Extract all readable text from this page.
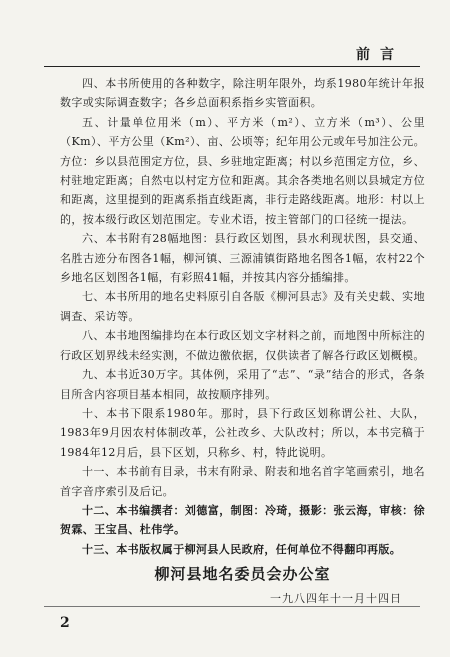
前言

四、本书所使用的各种数字，除注明年限外，均系1980年统计年报数字或实际调查数字；各乡总面积系指乡实管面积。

五、计量单位用米（m）、平方米（m²）、立方米（m³）、公里（Km）、平方公里（Km²）、亩、公顷等；纪年用公元或年号加注公元。方位：乡以县范围定方位，县、乡驻地定距离；村以乡范围定方位，乡、村驻地定距离；自然屯以村定方位和距离。其余各类地名则以县城定方位和距离，这里提到的距离系指直线距离，非行走路线距离。地形：村以上的，按本级行政区划范围定。专业术语，按主管部门的口径统一提法。

六、本书附有28幅地图：县行政区划图，县水利现状图，县交通、名胜古迹分布图各1幅，柳河镇、三源浦镇街路地名图各1幅，农村22个乡地名区划图各1幅，有彩照41幅，并按其内容分插编排。

七、本书所用的地名史料原引自各版《柳河县志》及有关史载、实地调查、采访等。

八、本书地图编排均在本行政区划文字材料之前，而地图中所标注的行政区划界线未经实测，不做边徼依据，仅供读者了解各行政区划概模。

九、本书近30万字。其体例，采用了“志”、“录”结合的形式，各条目所含内容项目基本相同，故按顺序排列。

十、本书下限系1980年。那时，县下行政区划称谓公社、大队，1983年9月因农村体制改革，公社改乡、大队改村；所以，本书完稿于1984年12月后，县下区划，只称乡、村，特此说明。

十一、本书前有目录，书末有附录、附表和地名首字笔画索引，地名首字音序索引及后记。

十二、本书编撰者：刘德富，制图：冷琦，摄影：张云海，审核：徐贺霖、王宝昌、杜伟学。

十三、本书版权属于柳河县人民政府，任何单位不得翻印再版。

柳河县地名委员会办公室
一九八四年十一月十四日
2
